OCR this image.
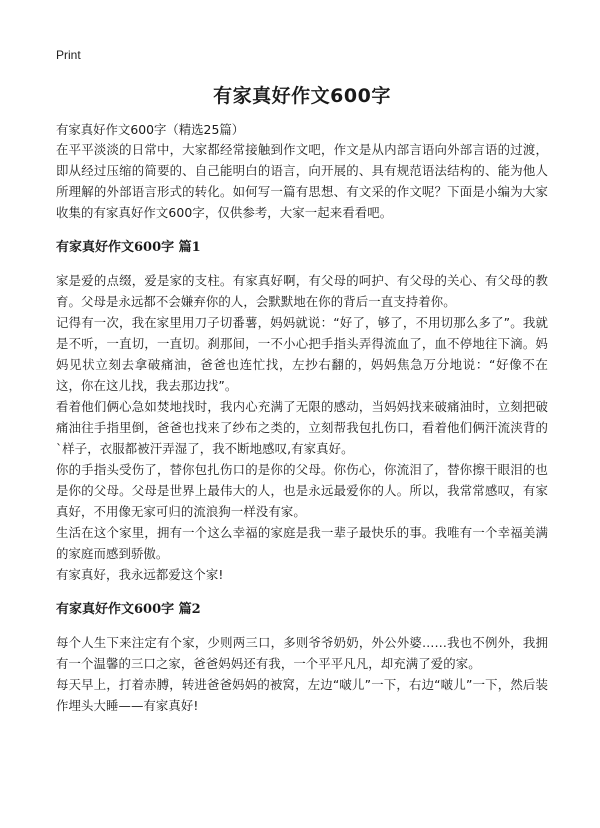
Print
有家真好作文600字
有家真好作文600字（精选25篇）

在平平淡淡的日常中，大家都经常接触到作文吧，作文是从内部言语向外部言语的过渡，即从经过压缩的简要的、自己能明白的语言，向开展的、具有规范语法结构的、能为他人所理解的外部语言形式的转化。如何写一篇有思想、有文采的作文呢？下面是小编为大家收集的有家真好作文600字，仅供参考，大家一起来看看吧。

有家真好作文600字 篇1

家是爱的点缀，爱是家的支柱。有家真好啊，有父母的呵护、有父母的关心、有父母的教育。父母是永远都不会嫌弃你的人，会默默地在你的背后一直支持着你。

记得有一次，我在家里用刀子切番薯，妈妈就说：“好了，够了，不用切那么多了”。我就是不听，一直切，一直切。刹那间，一不小心把手指头弄得流血了，血不停地往下滴。妈妈见状立刻去拿破痛油，爸爸也连忙找，左抄右翻的，妈妈焦急万分地说：“好像不在这，你在这儿找，我去那边找”。

看着他们俩心急如焚地找时，我内心充满了无限的感动，当妈妈找来破痛油时，立刻把破痛油往手指里倒，爸爸也找来了纱布之类的，立刻帮我包扎伤口，看着他们俩汗流浃背的`样子，衣服都被汗弄湿了，我不断地感叹,有家真好。

你的手指头受伤了，替你包扎伤口的是你的父母。你伤心，你流泪了，替你擦干眼泪的也是你的父母。父母是世界上最伟大的人，也是永远最爱你的人。所以，我常常感叹，有家真好，不用像无家可归的流浪狗一样没有家。

生活在这个家里，拥有一个这么幸福的家庭是我一辈子最快乐的事。我唯有一个幸福美满的家庭而感到骄傲。

有家真好，我永远都爱这个家!

有家真好作文600字 篇2

每个人生下来注定有个家，少则两三口，多则爷爷奶奶，外公外婆……我也不例外，我拥有一个温馨的三口之家，爸爸妈妈还有我，一个平平凡凡，却充满了爱的家。

每天早上，打着赤膊，转进爸爸妈妈的被窝，左边“啵儿”一下，右边“啵儿”一下，然后装作埋头大睡——有家真好!
